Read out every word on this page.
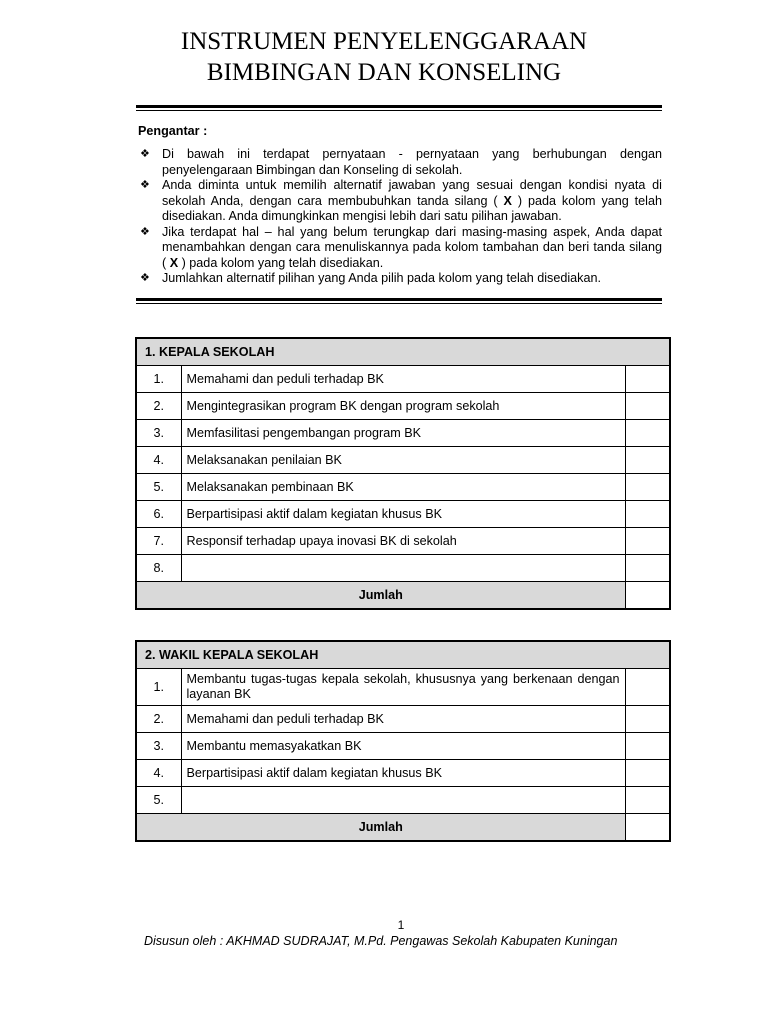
INSTRUMEN PENYELENGGARAAN
BIMBINGAN DAN KONSELING
Pengantar :
❖ Di bawah ini terdapat pernyataan - pernyataan yang berhubungan dengan penyelengaraan Bimbingan dan Konseling di sekolah.
❖ Anda diminta untuk memilih alternatif jawaban yang sesuai dengan kondisi nyata di sekolah Anda, dengan cara membubuhkan tanda silang ( X ) pada kolom yang telah disediakan. Anda dimungkinkan mengisi lebih dari satu pilihan jawaban.
❖ Jika terdapat hal – hal yang belum terungkap dari masing-masing aspek, Anda dapat menambahkan dengan cara menuliskannya pada kolom tambahan dan beri tanda silang ( X ) pada kolom yang telah disediakan.
❖ Jumlahkan alternatif pilihan yang Anda pilih pada kolom yang telah disediakan.
1. KEPALA SEKOLAH		
1.	Memahami dan peduli terhadap BK	
2.	Mengintegrasikan program BK dengan program sekolah	
3.	Memfasilitasi pengembangan program BK	
4.	Melaksanakan penilaian BK	
5.	Melaksanakan pembinaan BK	
6.	Berpartisipasi aktif dalam kegiatan khusus BK	
7.	Responsif terhadap upaya inovasi BK di sekolah	
8.		
Jumlah		
2. WAKIL KEPALA SEKOLAH		
1.	Membantu tugas-tugas kepala sekolah, khususnya yang berkenaan dengan layanan BK	
2.	Memahami dan peduli terhadap BK	
3.	Membantu memasyakatkan BK	
4.	Berpartisipasi aktif dalam kegiatan khusus BK	
5.		
Jumlah		
1
Disusun oleh : AKHMAD SUDRAJAT, M.Pd. Pengawas Sekolah Kabupaten Kuningan
